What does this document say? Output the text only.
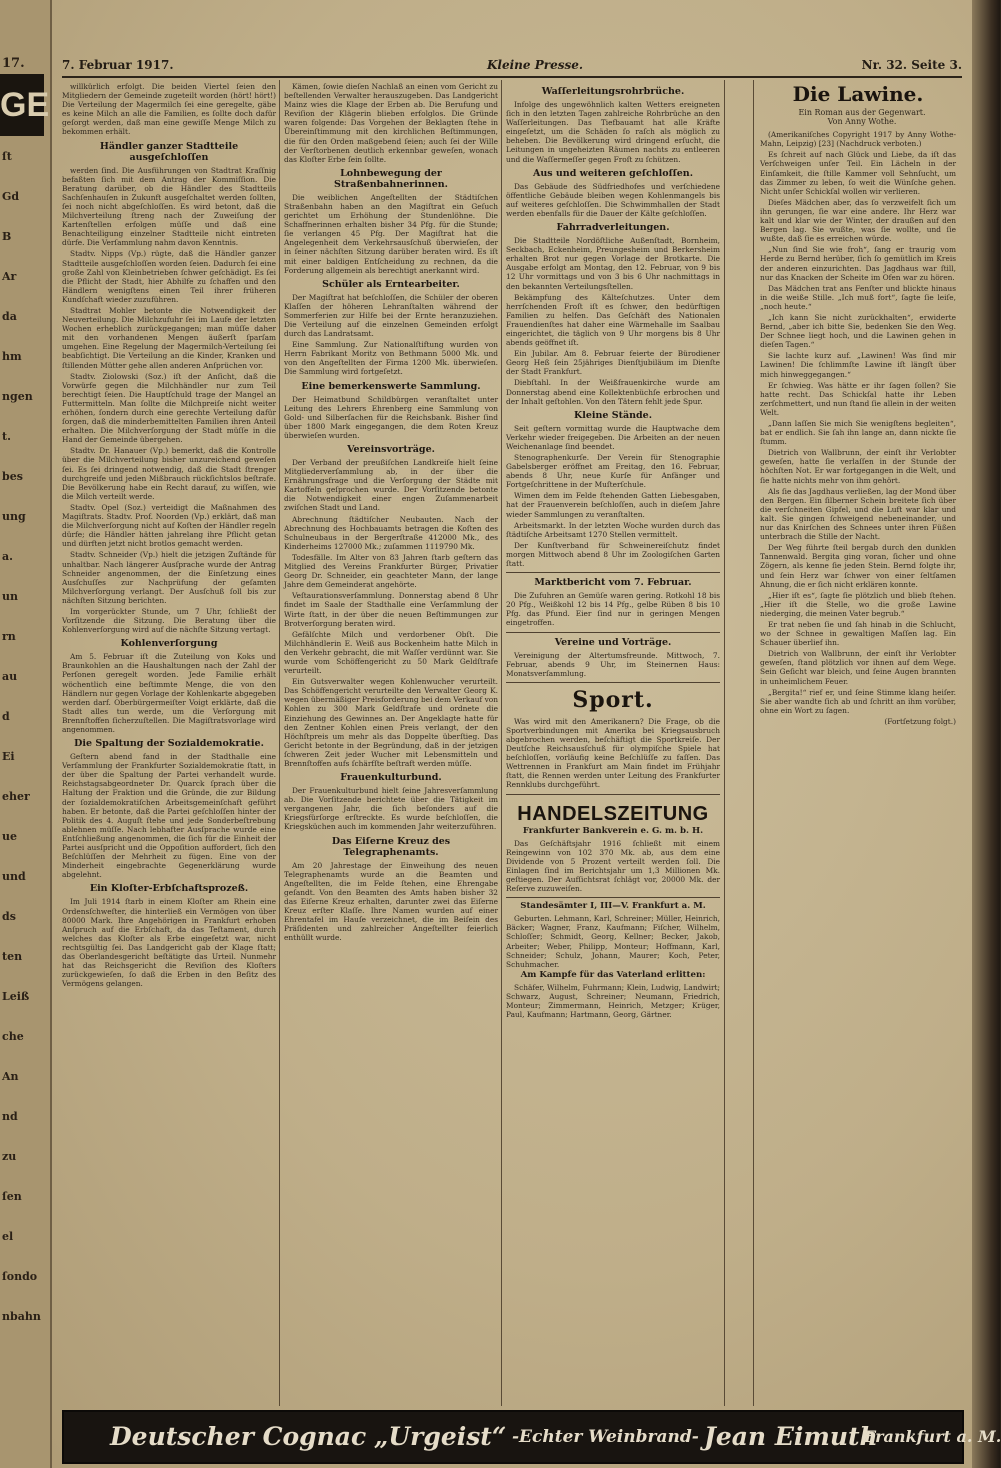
17.
GE
ſt
Gd
B
Ar
da
hm
ngen
t.
bes
ung
a.
un
rn
au
d
Ei
eher
ue
und
ds
ten
Leiß
che
An
nd
zu
ſen
el
ſondo
nbahn
7. Februar 1917.	Kleine Presse.	Nr. 32. Seite 3.

willkürlich erfolgt. Die beiden Viertel ſeien den Mitgliedern der Gemeinde zugeteilt worden (hört! hört!) Die Verteilung der Magermilch ſei eine geregelte, gäbe es keine Milch an alle die Familien, es ſollte doch dafür geſorgt werden, daß man eine gewiſſe Menge Milch zu bekommen erhält.

Händler ganzer Stadtteile ausgeſchloſſen

werden ſind. Die Ausführungen von Stadtrat Kraſſnig befaßten ſich mit dem Antrag der Kommiſſion. Die Beratung darüber, ob die Händler des Stadtteils Sachſenhauſen in Zukunft ausgeſchaltet werden ſollten, ſei noch nicht abgeſchloſſen. Es wird betont, daß die Milchverteilung ſtreng nach der Zuweiſung der Kartenſtellen erfolgen müſſe und daß eine Benachteiligung einzelner Stadtteile nicht eintreten dürfe. Die Verſammlung nahm davon Kenntnis.

Stadtv. Nipps (Vp.) rügte, daß die Händler ganzer Stadtteile ausgeſchloſſen worden ſeien. Dadurch ſei eine große Zahl von Kleinbetrieben ſchwer geſchädigt. Es ſei die Pflicht der Stadt, hier Abhilfe zu ſchaffen und den Händlern wenigſtens einen Teil ihrer früheren Kundſchaft wieder zuzuführen.

Stadtrat Mohler betonte die Notwendigkeit der Neuverteilung. Die Milchzufuhr ſei im Laufe der letzten Wochen erheblich zurückgegangen; man müſſe daher mit den vorhandenen Mengen äußerſt ſparſam umgehen. Eine Regelung der Magermilch-Verteilung ſei beabſichtigt. Die Verteilung an die Kinder, Kranken und ſtillenden Mütter gehe allen anderen Anſprüchen vor.

Stadtv. Ziolowski (Soz.) iſt der Anſicht, daß die Vorwürfe gegen die Milchhändler nur zum Teil berechtigt ſeien. Die Hauptſchuld trage der Mangel an Futtermitteln. Man ſollte die Milchpreiſe nicht weiter erhöhen, ſondern durch eine gerechte Verteilung dafür ſorgen, daß die minderbemittelten Familien ihren Anteil erhalten. Die Milchverſorgung der Stadt müſſe in die Hand der Gemeinde übergehen.

Stadtv. Dr. Hanauer (Vp.) bemerkt, daß die Kontrolle über die Milchverteilung bisher unzureichend geweſen ſei. Es ſei dringend notwendig, daß die Stadt ſtrenger durchgreife und jeden Mißbrauch rückſichtslos beſtrafe. Die Bevölkerung habe ein Recht darauf, zu wiſſen, wie die Milch verteilt werde.

Stadtv. Opel (Soz.) verteidigt die Maßnahmen des Magiſtrats. Stadtv. Prof. Noorden (Vp.) erklärt, daß man die Milchverſorgung nicht auf Koſten der Händler regeln dürfe; die Händler hätten jahrelang ihre Pflicht getan und dürften jetzt nicht brotlos gemacht werden.

Stadtv. Schneider (Vp.) hielt die jetzigen Zuſtände für unhaltbar. Nach längerer Ausſprache wurde der Antrag Schneider angenommen, der die Einſetzung eines Ausſchuſſes zur Nachprüfung der geſamten Milchverſorgung verlangt. Der Ausſchuß ſoll bis zur nächſten Sitzung berichten.

Im vorgerückter Stunde, um 7 Uhr, ſchließt der Vorſitzende die Sitzung. Die Beratung über die Kohlenverſorgung wird auf die nächſte Sitzung vertagt.

Kohlenverſorgung

Am 5. Februar iſt die Zuteilung von Koks und Braunkohlen an die Haushaltungen nach der Zahl der Perſonen geregelt worden. Jede Familie erhält wöchentlich eine beſtimmte Menge, die von den Händlern nur gegen Vorlage der Kohlenkarte abgegeben werden darf. Oberbürgermeiſter Voigt erklärte, daß die Stadt alles tun werde, um die Verſorgung mit Brennſtoffen ſicherzuſtellen. Die Magiſtratsvorlage wird angenommen.

Die Spaltung der Sozialdemokratie.

Geſtern abend fand in der Stadthalle eine Verſammlung der Frankfurter Sozialdemokratie ſtatt, in der über die Spaltung der Partei verhandelt wurde. Reichstagsabgeordneter Dr. Quarck ſprach über die Haltung der Fraktion und die Gründe, die zur Bildung der ſozialdemokratiſchen Arbeitsgemeinſchaft geführt haben. Er betonte, daß die Partei geſchloſſen hinter der Politik des 4. Auguſt ſtehe und jede Sonderbeſtrebung ablehnen müſſe. Nach lebhafter Ausſprache wurde eine Entſchließung angenommen, die ſich für die Einheit der Partei ausſpricht und die Oppoſition auffordert, ſich den Beſchlüſſen der Mehrheit zu fügen. Eine von der Minderheit eingebrachte Gegenerklärung wurde abgelehnt.

Ein Kloſter-Erbſchaftsprozeß.

Im Juli 1914 ſtarb in einem Kloſter am Rhein eine Ordensſchweſter, die hinterließ ein Vermögen von über 80000 Mark. Ihre Angehörigen in Frankfurt erhoben Anſpruch auf die Erbſchaft, da das Teſtament, durch welches das Kloſter als Erbe eingeſetzt war, nicht rechtsgültig ſei. Das Landgericht gab der Klage ſtatt; das Oberlandesgericht beſtätigte das Urteil. Nunmehr hat das Reichsgericht die Reviſion des Kloſters zurückgewieſen, ſo daß die Erben in den Beſitz des Vermögens gelangen.

Kämen, ſowie dieſen Nachlaß an einen vom Gericht zu beſtellenden Verwalter herauszugeben. Das Landgericht Mainz wies die Klage der Erben ab. Die Berufung und Reviſion der Klägerin blieben erfolglos. Die Gründe waren folgende: Das Vorgehen der Beklagten ſtehe in Übereinſtimmung mit den kirchlichen Beſtimmungen, die für den Orden maßgebend ſeien; auch ſei der Wille der Verſtorbenen deutlich erkennbar geweſen, wonach das Kloſter Erbe ſein ſollte.

Lohnbewegung der Straßenbahnerinnen.

Die weiblichen Angeſtellten der Städtiſchen Straßenbahn haben an den Magiſtrat ein Geſuch gerichtet um Erhöhung der Stundenlöhne. Die Schaffnerinnen erhalten bisher 34 Pfg. für die Stunde; ſie verlangen 45 Pfg. Der Magiſtrat hat die Angelegenheit dem Verkehrsausſchuß überwieſen, der in ſeiner nächſten Sitzung darüber beraten wird. Es iſt mit einer baldigen Entſcheidung zu rechnen, da die Forderung allgemein als berechtigt anerkannt wird.

Schüler als Erntearbeiter.

Der Magiſtrat hat beſchloſſen, die Schüler der oberen Klaſſen der höheren Lehranſtalten während der Sommerferien zur Hilfe bei der Ernte heranzuziehen. Die Verteilung auf die einzelnen Gemeinden erfolgt durch das Landratsamt.

Eine Sammlung. Zur Nationalſtiftung wurden von Herrn Fabrikant Moritz von Bethmann 5000 Mk. und von den Angeſtellten der Firma 1200 Mk. überwieſen. Die Sammlung wird fortgeſetzt.

Eine bemerkenswerte Sammlung.

Der Heimatbund Schildbürgen veranſtaltet unter Leitung des Lehrers Ehrenberg eine Sammlung von Gold- und Silberſachen für die Reichsbank. Bisher ſind über 1800 Mark eingegangen, die dem Roten Kreuz überwieſen wurden.

Vereinsvorträge.

Der Verband der preußiſchen Landkreiſe hielt ſeine Mitgliederverſammlung ab, in der über die Ernährungsfrage und die Verſorgung der Städte mit Kartoffeln geſprochen wurde. Der Vorſitzende betonte die Notwendigkeit einer engen Zuſammenarbeit zwiſchen Stadt und Land.

Abrechnung ſtädtiſcher Neubauten. Nach der Abrechnung des Hochbauamts betragen die Koſten des Schulneubaus in der Bergerſtraße 412000 Mk., des Kinderheims 127000 Mk.; zuſammen 1119790 Mk.

Todesfälle. Im Alter von 83 Jahren ſtarb geſtern das Mitglied des Vereins Frankfurter Bürger, Privatier Georg Dr. Schneider, ein geachteter Mann, der lange Jahre dem Gemeinderat angehörte.

Veſtaurationsverſammlung. Donnerstag abend 8 Uhr findet im Saale der Stadthalle eine Verſammlung der Wirte ſtatt, in der über die neuen Beſtimmungen zur Brotverſorgung beraten wird.

Gefälſchte Milch und verdorbener Obſt. Die Milchhändlerin E. Weiß aus Bockenheim hatte Milch in den Verkehr gebracht, die mit Waſſer verdünnt war. Sie wurde vom Schöffengericht zu 50 Mark Geldſtrafe verurteilt.

Ein Gutsverwalter wegen Kohlenwucher verurteilt. Das Schöffengericht verurteilte den Verwalter Georg K. wegen übermäßiger Preisforderung bei dem Verkauf von Kohlen zu 300 Mark Geldſtrafe und ordnete die Einziehung des Gewinnes an. Der Angeklagte hatte für den Zentner Kohlen einen Preis verlangt, der den Höchſtpreis um mehr als das Doppelte überſtieg. Das Gericht betonte in der Begründung, daß in der jetzigen ſchweren Zeit jeder Wucher mit Lebensmitteln und Brennſtoffen aufs ſchärfſte beſtraft werden müſſe.

Frauenkulturbund.

Der Frauenkulturbund hielt ſeine Jahresverſammlung ab. Die Vorſitzende berichtete über die Tätigkeit im vergangenen Jahr, die ſich beſonders auf die Kriegsfürſorge erſtreckte. Es wurde beſchloſſen, die Kriegsküchen auch im kommenden Jahr weiterzuführen.

Das Eiſerne Kreuz des Telegraphenamts.

Am 20 Jahrestage der Einweihung des neuen Telegraphenamts wurde an die Beamten und Angeſtellten, die im Felde ſtehen, eine Ehrengabe geſandt. Von den Beamten des Amts haben bisher 32 das Eiſerne Kreuz erhalten, darunter zwei das Eiſerne Kreuz erſter Klaſſe. Ihre Namen wurden auf einer Ehrentafel im Hauſe verzeichnet, die im Beiſein des Präſidenten und zahlreicher Angeſtellter feierlich enthüllt wurde.

Waſſerleitungsrohrbrüche.

Infolge des ungewöhnlich kalten Wetters ereigneten ſich in den letzten Tagen zahlreiche Rohrbrüche an den Waſſerleitungen. Das Tiefbauamt hat alle Kräfte eingeſetzt, um die Schäden ſo raſch als möglich zu beheben. Die Bevölkerung wird dringend erſucht, die Leitungen in ungeheizten Räumen nachts zu entleeren und die Waſſermeſſer gegen Froſt zu ſchützen.

Aus und weiteren geſchloſſen.

Das Gebäude des Südfriedhofes und verſchiedene öffentliche Gebäude bleiben wegen Kohlenmangels bis auf weiteres geſchloſſen. Die Schwimmhallen der Stadt werden ebenfalls für die Dauer der Kälte geſchloſſen.

Fahrradverleitungen.

Die Stadtteile Nordöſtliche Außenſtadt, Bornheim, Seckbach, Eckenheim, Preungesheim und Berkersheim erhalten Brot nur gegen Vorlage der Brotkarte. Die Ausgabe erfolgt am Montag, den 12. Februar, von 9 bis 12 Uhr vormittags und von 3 bis 6 Uhr nachmittags in den bekannten Verteilungsſtellen.

Bekämpfung des Kälteſchutzes. Unter dem herrſchenden Froſt iſt es ſchwer, den bedürftigen Familien zu helfen. Das Geſchäft des Nationalen Frauendienſtes hat daher eine Wärmehalle im Saalbau eingerichtet, die täglich von 9 Uhr morgens bis 8 Uhr abends geöffnet iſt.

Ein Jubilar. Am 8. Februar feierte der Bürodiener Georg Heß ſein 25jähriges Dienſtjubiläum im Dienſte der Stadt Frankfurt.

Diebſtahl. In der Weißfrauenkirche wurde am Donnerstag abend eine Kollektenbüchſe erbrochen und der Inhalt geſtohlen. Von den Tätern fehlt jede Spur.

Kleine Stände.

Seit geſtern vormittag wurde die Hauptwache dem Verkehr wieder freigegeben. Die Arbeiten an der neuen Weichenanlage ſind beendet.

Stenographenkurſe. Der Verein für Stenographie Gabelsberger eröffnet am Freitag, den 16. Februar, abends 8 Uhr, neue Kurſe für Anfänger und Fortgeſchrittene in der Muſterſchule.

Wimen dem im Felde ſtehenden Gatten Liebesgaben, hat der Frauenverein beſchloſſen, auch in dieſem Jahre wieder Sammlungen zu veranſtalten.

Arbeitsmarkt. In der letzten Woche wurden durch das ſtädtiſche Arbeitsamt 1270 Stellen vermittelt.

Der Kunſtverband für Schweinereiſchutz findet morgen Mittwoch abend 8 Uhr im Zoologiſchen Garten ſtatt.

Marktbericht vom 7. Februar.

Die Zufuhren an Gemüſe waren gering. Rotkohl 18 bis 20 Pfg., Weißkohl 12 bis 14 Pfg., gelbe Rüben 8 bis 10 Pfg. das Pfund. Eier ſind nur in geringen Mengen eingetroffen.

Vereine und Vorträge.

Vereinigung der Altertumsfreunde. Mittwoch, 7. Februar, abends 9 Uhr, im Steinernen Haus: Monatsverſammlung.

Sport.

Was wird mit den Amerikanern? Die Frage, ob die Sportverbindungen mit Amerika bei Kriegsausbruch abgebrochen werden, beſchäftigt die Sportkreiſe. Der Deutſche Reichsausſchuß für olympiſche Spiele hat beſchloſſen, vorläufig keine Beſchlüſſe zu faſſen. Das Wettrennen in Frankfurt am Main findet im Frühjahr ſtatt, die Rennen werden unter Leitung des Frankfurter Rennklubs durchgeführt.

HANDELSZEITUNG
Frankfurter Bankverein e. G. m. b. H.

Das Geſchäftsjahr 1916 ſchließt mit einem Reingewinn von 102 370 Mk. ab, aus dem eine Dividende von 5 Prozent verteilt werden ſoll. Die Einlagen ſind im Berichtsjahr um 1,3 Millionen Mk. geſtiegen. Der Aufſichtsrat ſchlägt vor, 20000 Mk. der Reſerve zuzuweiſen.

Standesämter I, III—V. Frankfurt a. M.

Geburten. Lehmann, Karl, Schreiner; Müller, Heinrich, Bäcker; Wagner, Franz, Kaufmann; Fiſcher, Wilhelm, Schloſſer; Schmidt, Georg, Kellner; Becker, Jakob, Arbeiter; Weber, Philipp, Monteur; Hoffmann, Karl, Schneider; Schulz, Johann, Maurer; Koch, Peter, Schuhmacher.

Am Kampfe für das Vaterland erlitten:

Schäfer, Wilhelm, Fuhrmann; Klein, Ludwig, Landwirt; Schwarz, August, Schreiner; Neumann, Friedrich, Monteur; Zimmermann, Heinrich, Metzger; Krüger, Paul, Kaufmann; Hartmann, Georg, Gärtner.

Die Lawine.

Ein Roman aus der Gegenwart.

Von Anny Wothe.

(Amerikaniſches Copyright 1917 by Anny Wothe-Mahn, Leipzig) [23] (Nachdruck verboten.)

Es ſchreit auf nach Glück und Liebe, da iſt das Verſchweigen unſer Teil. Ein Lächeln in der Einſamkeit, die ſtille Kammer voll Sehnſucht, um das Zimmer zu leben, ſo weit die Wünſche gehen. Nicht unſer Schickſal wollen wir verlieren.

Dieſes Mädchen aber, das ſo verzweifelt ſich um ihn gerungen, ſie war eine andere. Ihr Herz war kalt und klar wie der Winter, der draußen auf den Bergen lag. Sie wußte, was ſie wollte, und ſie wußte, daß ſie es erreichen würde.

„Nun ſind Sie wie froh“, ſang er traurig vom Herde zu Bernd herüber, ſich ſo gemütlich im Kreis der anderen einzurichten. Das Jagdhaus war ſtill, nur das Knacken der Scheite im Ofen war zu hören.

Das Mädchen trat ans Fenſter und blickte hinaus in die weiße Stille. „Ich muß fort“, ſagte ſie leiſe, „noch heute.“

„Ich kann Sie nicht zurückhalten“, erwiderte Bernd, „aber ich bitte Sie, bedenken Sie den Weg. Der Schnee liegt hoch, und die Lawinen gehen in dieſen Tagen.“

Sie lachte kurz auf. „Lawinen! Was ſind mir Lawinen! Die ſchlimmſte Lawine iſt längſt über mich hinweggegangen.“

Er ſchwieg. Was hätte er ihr ſagen ſollen? Sie hatte recht. Das Schickſal hatte ihr Leben zerſchmettert, und nun ſtand ſie allein in der weiten Welt.

„Dann laſſen Sie mich Sie wenigſtens begleiten“, bat er endlich. Sie ſah ihn lange an, dann nickte ſie ſtumm.

Dietrich von Wallbrunn, der einſt ihr Verlobter geweſen, hatte ſie verlaſſen in der Stunde der höchſten Not. Er war fortgegangen in die Welt, und ſie hatte nichts mehr von ihm gehört.

Als ſie das Jagdhaus verließen, lag der Mond über den Bergen. Ein ſilberner Schein breitete ſich über die verſchneiten Gipfel, und die Luft war klar und kalt. Sie gingen ſchweigend nebeneinander, und nur das Knirſchen des Schnees unter ihren Füßen unterbrach die Stille der Nacht.

Der Weg führte ſteil bergab durch den dunklen Tannenwald. Bergita ging voran, ſicher und ohne Zögern, als kenne ſie jeden Stein. Bernd folgte ihr, und ſein Herz war ſchwer von einer ſeltſamen Ahnung, die er ſich nicht erklären konnte.

„Hier iſt es“, ſagte ſie plötzlich und blieb ſtehen. „Hier iſt die Stelle, wo die große Lawine niederging, die meinen Vater begrub.“

Er trat neben ſie und ſah hinab in die Schlucht, wo der Schnee in gewaltigen Maſſen lag. Ein Schauer überlief ihn.

Dietrich von Wallbrunn, der einſt ihr Verlobter geweſen, ſtand plötzlich vor ihnen auf dem Wege. Sein Geſicht war bleich, und ſeine Augen brannten in unheimlichem Feuer.

„Bergita!“ rief er, und ſeine Stimme klang heiſer. Sie aber wandte ſich ab und ſchritt an ihm vorüber, ohne ein Wort zu ſagen.

(Fortſetzung folgt.)

Deutscher Cognac „Urgeist“ -Echter Weinbrand- Jean Eimuth
Frankfurt a. M.
